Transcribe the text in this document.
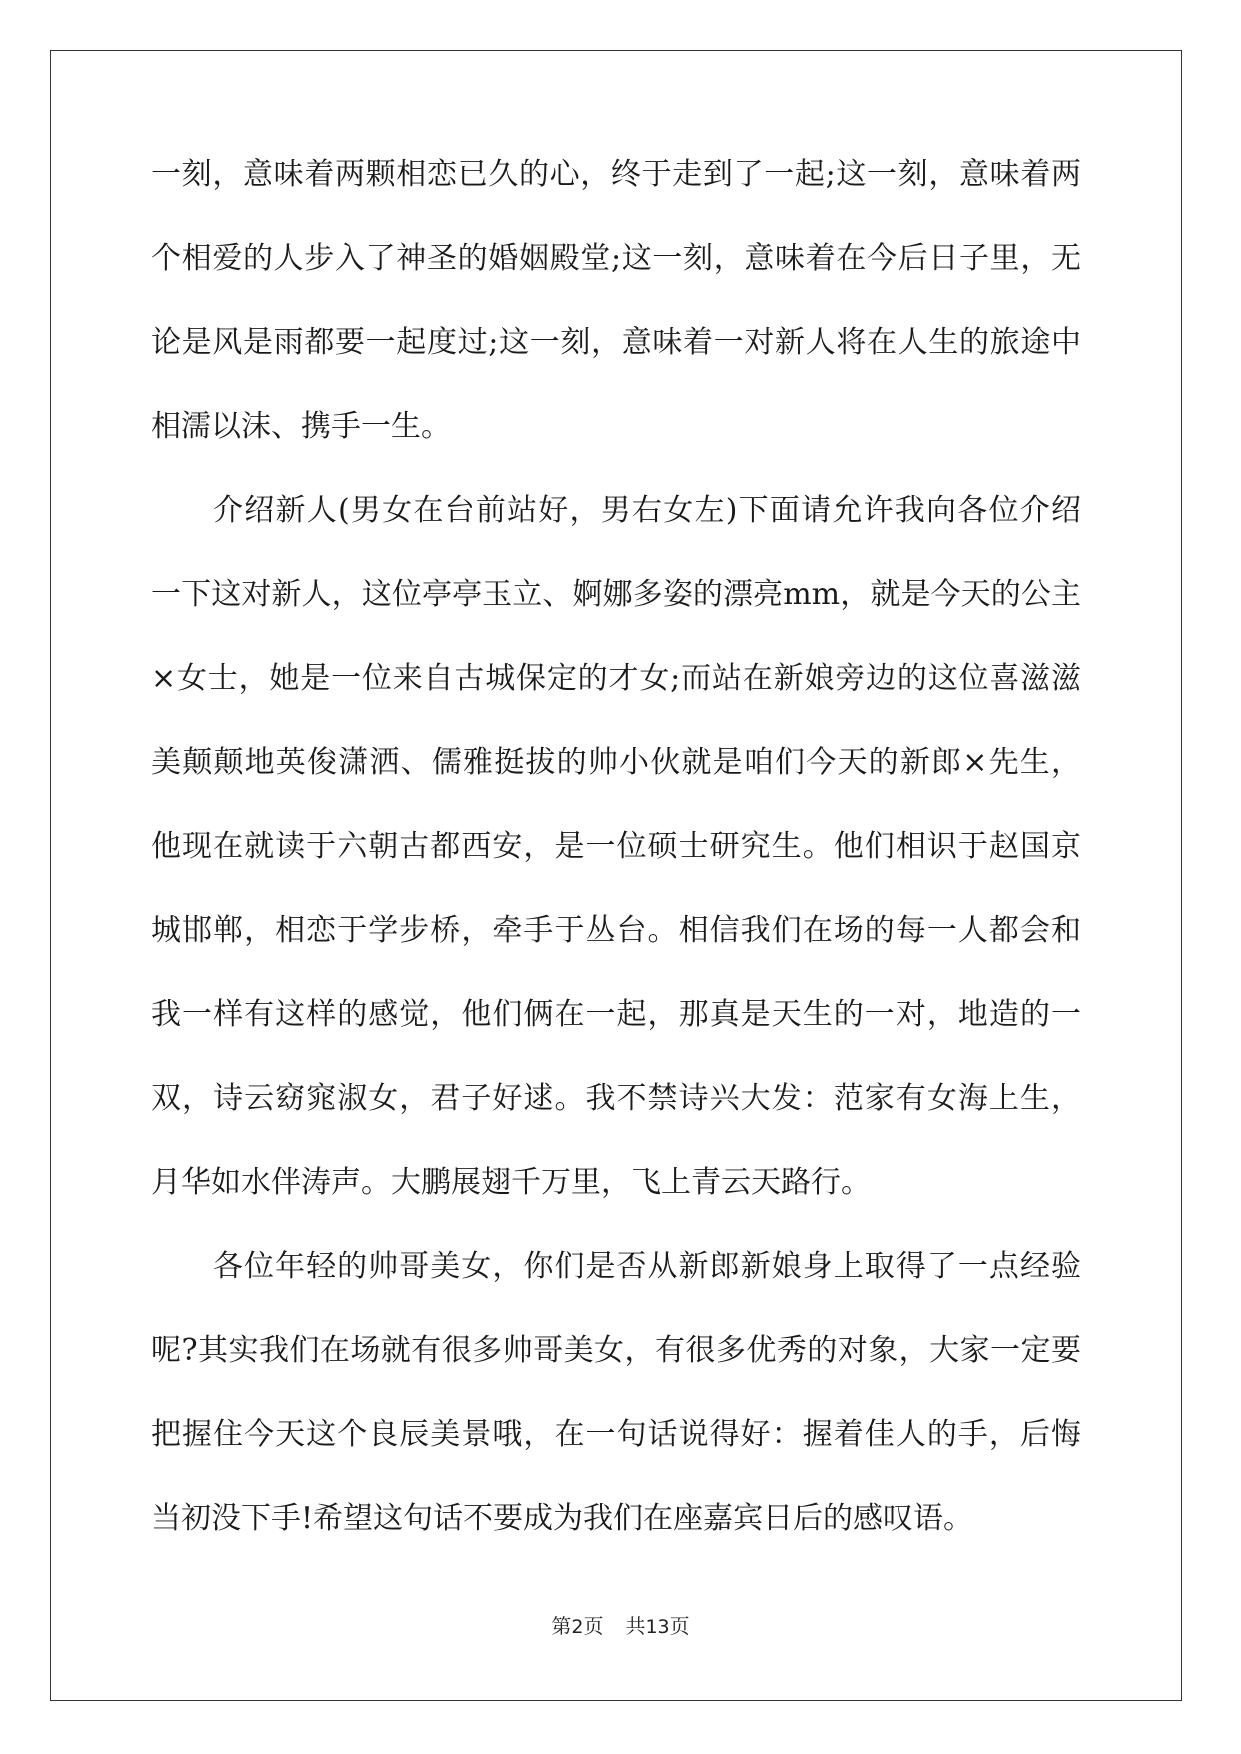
一刻，意味着两颗相恋已久的心，终于走到了一起;这一刻，意味着两
个相爱的人步入了神圣的婚姻殿堂;这一刻，意味着在今后日子里，无
论是风是雨都要一起度过;这一刻，意味着一对新人将在人生的旅途中
相濡以沫、携手一生。
介绍新人(男女在台前站好，男右女左)下面请允许我向各位介绍
一下这对新人，这位亭亭玉立、婀娜多姿的漂亮mm，就是今天的公主
×女士，她是一位来自古城保定的才女;而站在新娘旁边的这位喜滋滋
美颠颠地英俊潇洒、儒雅挺拔的帅小伙就是咱们今天的新郎×先生，
他现在就读于六朝古都西安，是一位硕士研究生。他们相识于赵国京
城邯郸，相恋于学步桥，牵手于丛台。相信我们在场的每一人都会和
我一样有这样的感觉，他们俩在一起，那真是天生的一对，地造的一
双，诗云窈窕淑女，君子好逑。我不禁诗兴大发：范家有女海上生，
月华如水伴涛声。大鹏展翅千万里，飞上青云天路行。
各位年轻的帅哥美女，你们是否从新郎新娘身上取得了一点经验
呢?其实我们在场就有很多帅哥美女，有很多优秀的对象，大家一定要
把握住今天这个良辰美景哦，在一句话说得好：握着佳人的手，后悔
当初没下手!希望这句话不要成为我们在座嘉宾日后的感叹语。
第2页 共13页
